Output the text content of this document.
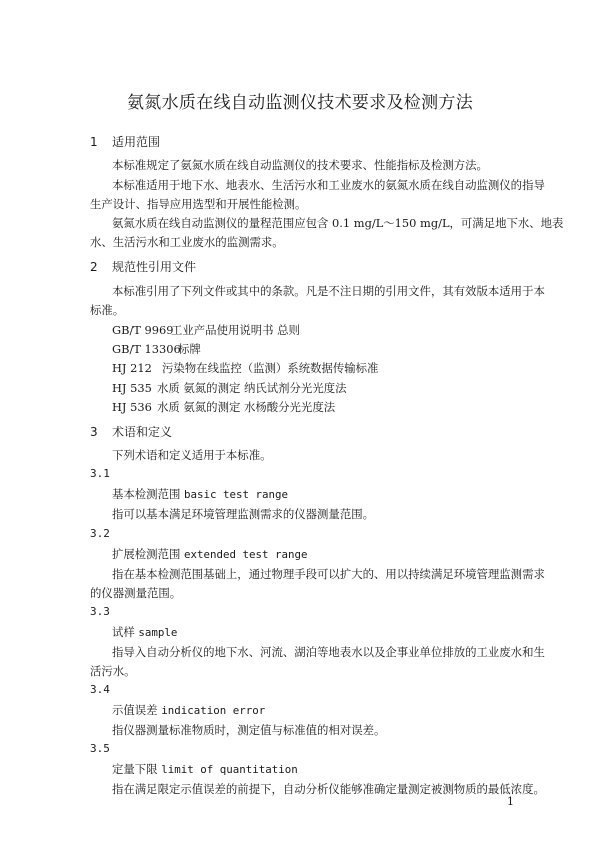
氨氮水质在线自动监测仪技术要求及检测方法
1 适用范围
本标准规定了氨氮水质在线自动监测仪的技术要求、性能指标及检测方法。
本标准适用于地下水、地表水、生活污水和工业废水的氨氮水质在线自动监测仪的指导
生产设计、指导应用选型和开展性能检测。
氨氮水质在线自动监测仪的量程范围应包含 0.1 mg/L～150 mg/L，可满足地下水、地表
水、生活污水和工业废水的监测需求。
2 规范性引用文件
本标准引用了下列文件或其中的条款。凡是不注日期的引用文件，其有效版本适用于本
标准。
GB/T 9969工业产品使用说明书 总则
GB/T 13306标牌
HJ 212 污染物在线监控（监测）系统数据传输标准
HJ 535 水质 氨氮的测定 纳氏试剂分光光度法
HJ 536 水质 氨氮的测定 水杨酸分光光度法
3 术语和定义
下列术语和定义适用于本标准。
3.1
基本检测范围 basic test range
指可以基本满足环境管理监测需求的仪器测量范围。
3.2
扩展检测范围 extended test range
指在基本检测范围基础上，通过物理手段可以扩大的、用以持续满足环境管理监测需求
的仪器测量范围。
3.3
试样 sample
指导入自动分析仪的地下水、河流、湖泊等地表水以及企事业单位排放的工业废水和生
活污水。
3.4
示值误差 indication error
指仪器测量标准物质时，测定值与标准值的相对误差。
3.5
定量下限 limit of quantitation
指在满足限定示值误差的前提下，自动分析仪能够准确定量测定被测物质的最低浓度。
1
